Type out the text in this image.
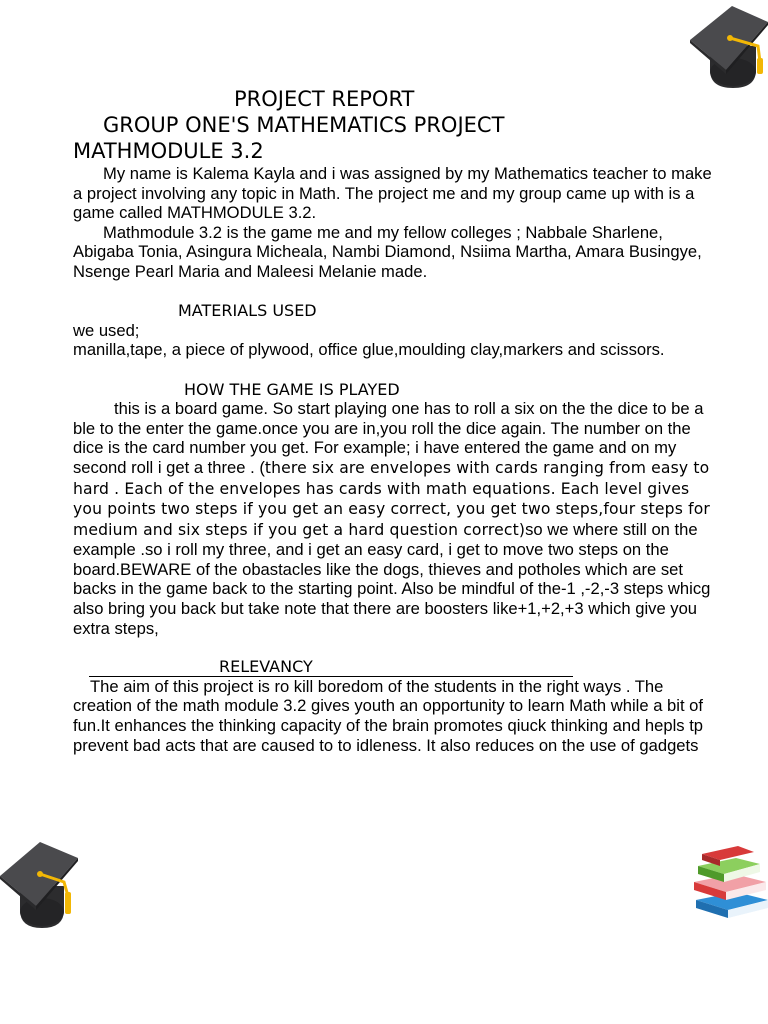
PROJECT REPORT
GROUP ONE'S MATHEMATICS PROJECT
MATHMODULE 3.2

My name is Kalema Kayla and i was assigned by my Mathematics teacher to make a project involving any topic in Math. The project me and my group came up with is a game called MATHMODULE 3.2.

Mathmodule 3.2 is the game me and my fellow colleges ; Nabbale Sharlene, Abigaba Tonia, Asingura Micheala, Nambi Diamond, Nsiima Martha, Amara Busingye, Nsenge Pearl Maria and Maleesi Melanie made.

MATERIALS USED

we used;

manilla,tape, a piece of plywood, office glue,moulding clay,markers and scissors.

HOW THE GAME IS PLAYED

this is a board game. So start playing one has to roll a six on the the dice to be a ble to the enter the game.once you are in,you roll the dice again. The number on the dice is the card number you get. For example; i have entered the game and on my second roll i get a three . (there six are envelopes with cards ranging from easy to hard . Each of the envelopes has cards with math equations. Each level gives you points two steps if you get an easy correct, you get two steps,four steps for medium and six steps if you get a hard question correct)so we where still on the example .so i roll my three, and i get an easy card, i get to move two steps on the board.BEWARE of the obastacles like the dogs, thieves and potholes which are set backs in the game back to the starting point. Also be mindful of the-1 ,-2,-3 steps whicg also bring you back but take note that there are boosters like+1,+2,+3 which give you extra steps,

RELEVANCY

The aim of this project is ro kill boredom of the students in the right ways . The creation of the math module 3.2 gives youth an opportunity to learn Math while a bit of fun.It enhances the thinking capacity of the brain promotes qiuck thinking and hepls tp prevent bad acts that are caused to to idleness. It also reduces on the use of gadgets
